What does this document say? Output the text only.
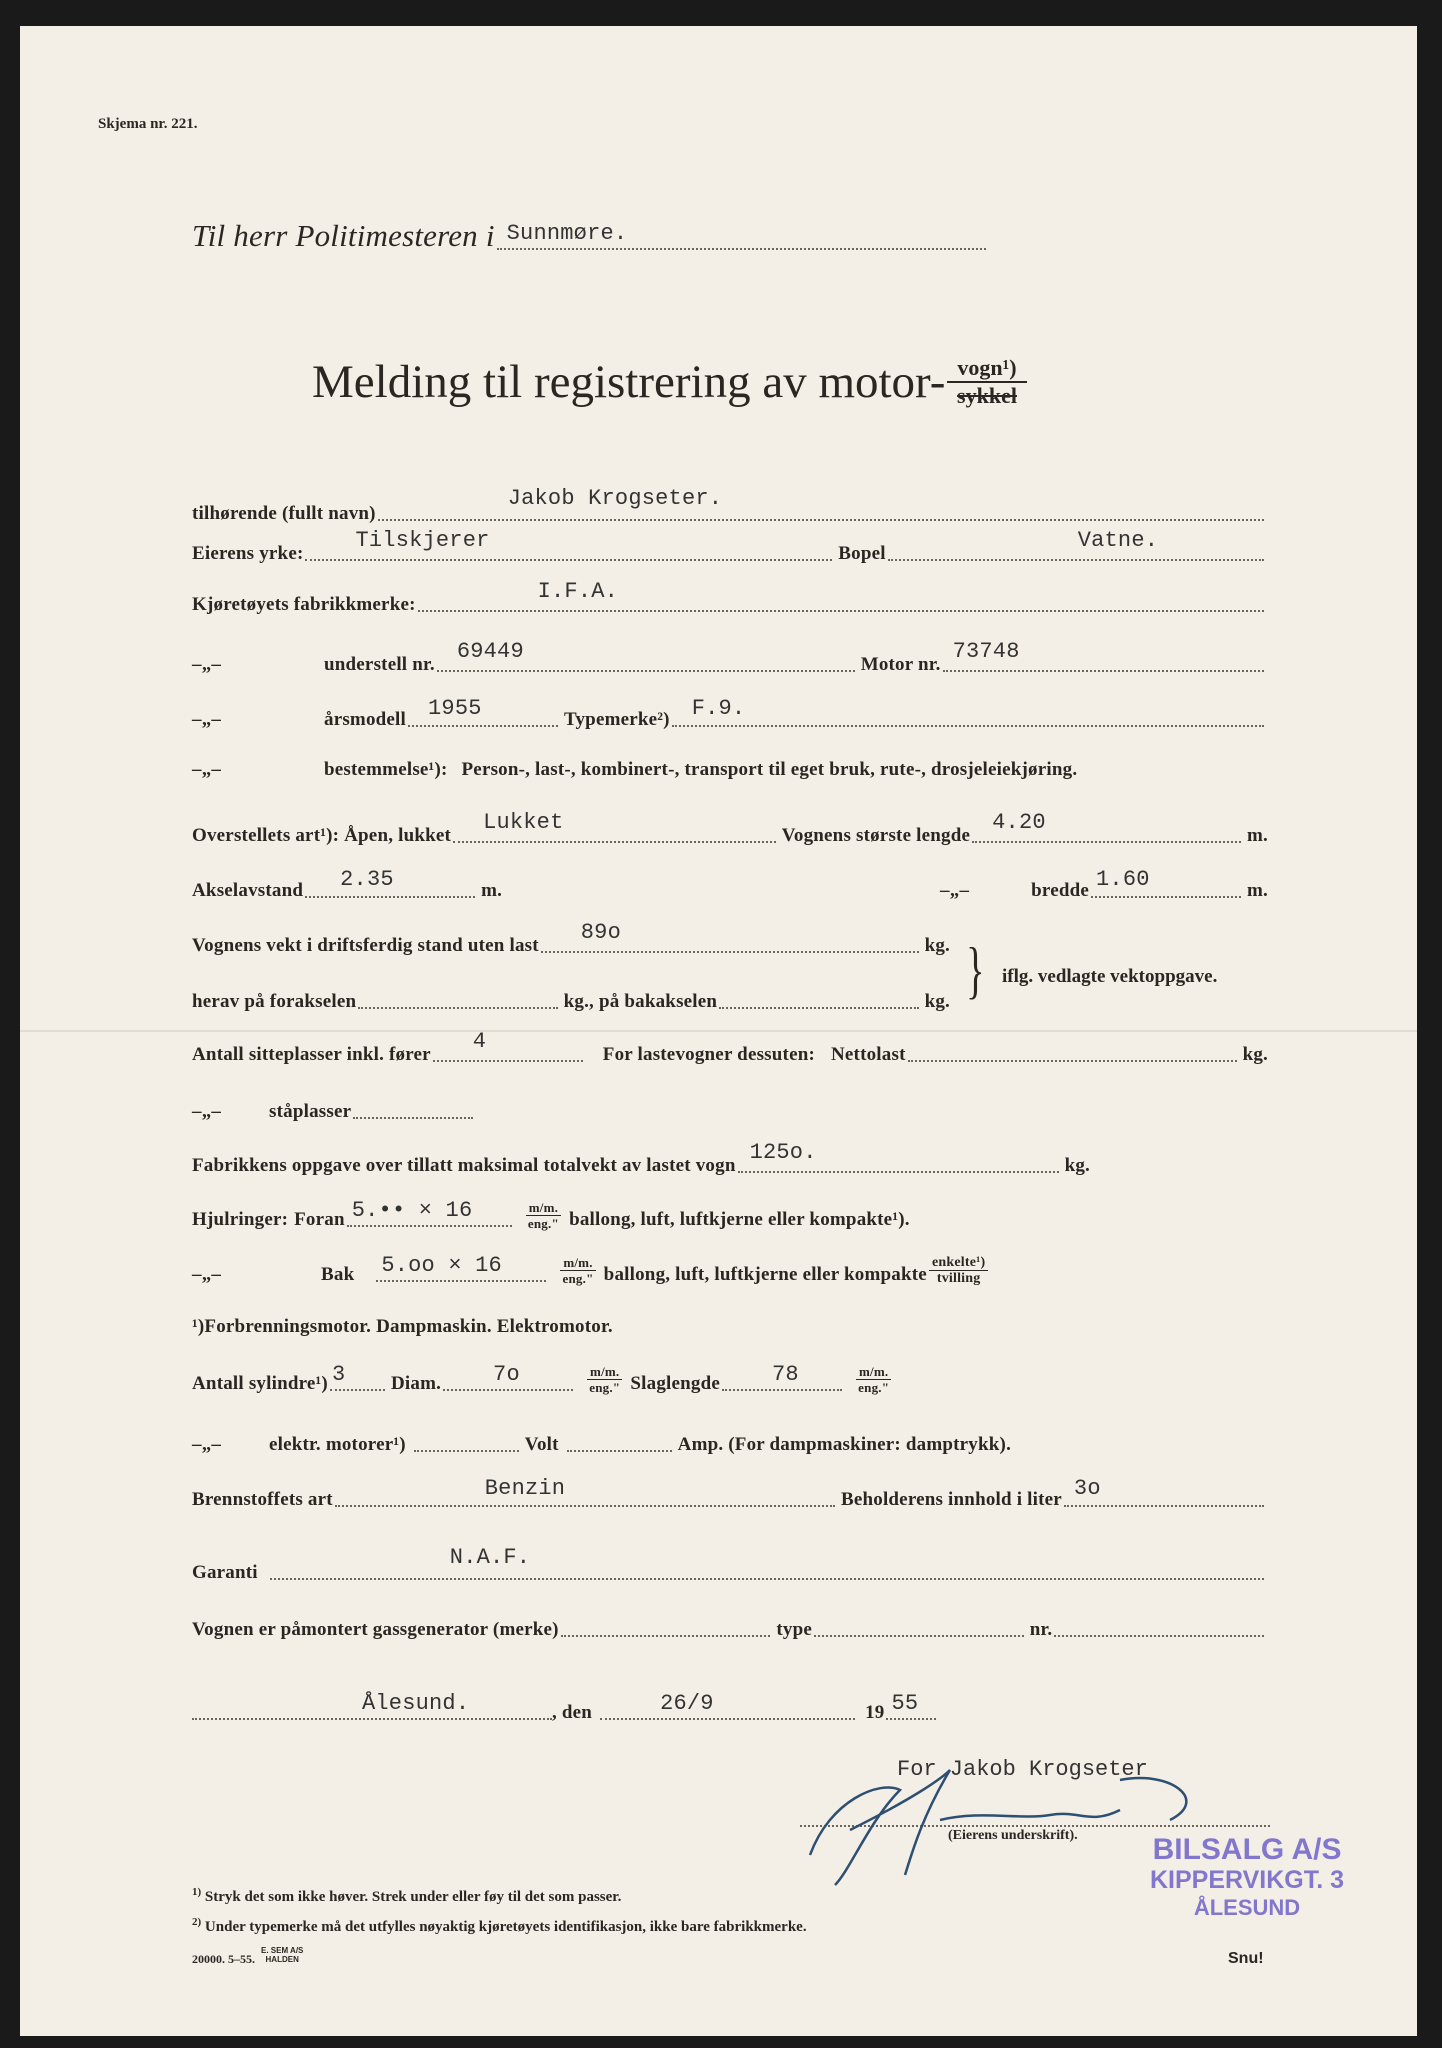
Skjema nr. 221.
Til herr Politimesteren i Sunnmøre.
Melding til registrering av motor- vogn¹)
sykkel
tilhørende (fullt navn)
Jakob Krogseter.
Eierens yrke:
Tilskjerer
Bopel
Vatne.
Kjøretøyets fabrikkmerke:
I.F.A.
–„–	understell nr.
69449
Motor nr.
73748
–„–	årsmodell 1955	Typemerke²) F.9.
–„–	bestemmelse¹): Person-, last-, kombinert-, transport til eget bruk, rute-, drosjeleiekjøring.
Overstellets art¹): Åpen, lukket
Lukket
Vognens største lengde
4.20
m.
Akselavstand 2.35	m.	–„–	bredde 1.60	m.
Vognens vekt i driftsferdig stand uten last
89o
kg.
herav på forakselen	kg., på bakakselen	kg. } iflg. vedlagte vektoppgave.
Antall sitteplasser inkl. fører
4
For lastevogner dessuten: Nettolast	kg.
–„–	ståplasser
Fabrikkens oppgave over tillatt maksimal totalvekt av lastet vogn
125o.
kg.
Hjulringer: Foran 5.•• × 16	$\frac{m/m.}{\text{eng."}}$ ballong, luft, luftkjerne eller kompakte¹).
–„–	Bak 5.oo × 16	$\frac{m/m.}{\text{eng."}}$ ballong, luft, luftkjerne eller kompakte $\frac{\text{enkelte¹)}}{\text{tvilling}}$
¹)Forbrenningsmotor. Dampmaskin. Elektromotor.
Antall sylindre¹) 3 Diam. 7o	$\frac{m/m.}{\text{eng."}}$ Slaglengde 78	$\frac{m/m.}{\text{eng."}}$
–„–	elektr. motorer¹)	Volt	Amp. (For dampmaskiner: damptrykk).
Brennstoffets art	Benzin	Beholderens innhold i liter 3o
Garanti
N.A.F.
Vognen er påmontert gassgenerator (merke)	type	nr.
Ålesund.	, den	26/9	19 55
For Jakob Krogseter
(Eierens underskrift). BILSALG A/S
KIPPERVIKGT. 3
ÅLESUND
$^{1)}$ Stryk det som ikke høver. Strek under eller føy til det som passer.
$^{2)}$ Under typemerke må det utfylles nøyaktig kjøretøyets identifikasjon, ikke bare fabrikkmerke.
20000. 5–55.
E. SEM A/S
HALDEN	Snu!
